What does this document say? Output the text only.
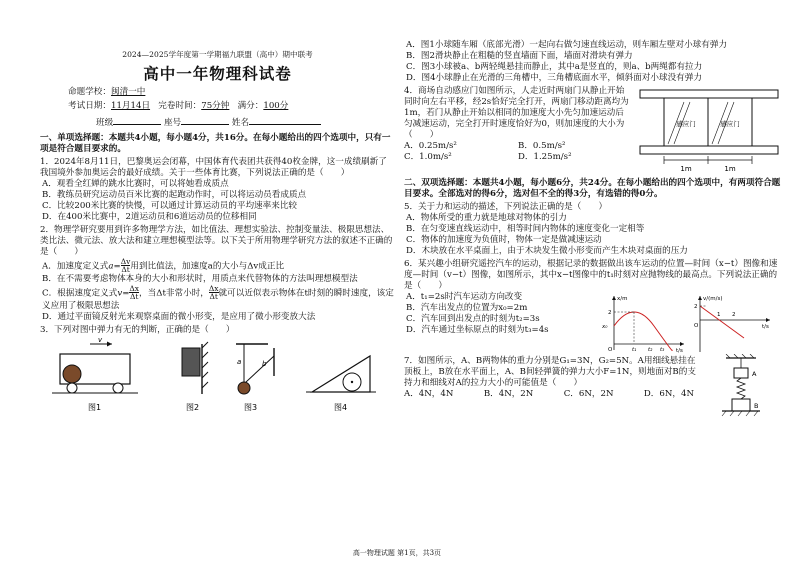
2024—2025学年度第一学期福九联盟（高中）期中联考
高中一年物理科试卷
命题学校：闽清一中
考试日期：11月14日 完卷时间：75分钟 满分：100分
班级	座号	姓名

一、单项选择题：本题共4小题，每小题4分，共16分。在每小题给出的四个选项中，只有一项是符合题目要求的。

1．2024年8月11日，巴黎奥运会闭幕，中国体育代表团共获得40枚金牌，这一成绩刷新了我国境外参加奥运会的最好成绩。关于一些体育比赛，下列说法正确的是（　　）

A．观看全红婵的跳水比赛时，可以将她看成质点

B．教练员研究运动员百米比赛的起跑动作时，可以将运动员看成质点

C．比较200米比赛的快慢，可以通过计算运动员的平均速率来比较

D．在400米比赛中，2道运动员和6道运动员的位移相同

2．物理学研究要用到许多物理学方法，如比值法、理想实验法、控制变量法、极限思想法、类比法、微元法、放大法和建立理想模型法等。以下关于所用物理学研究方法的叙述不正确的是（　　）

A．加速度定义式$a= \frac{\Delta v}{\Delta t}$ 用到比值法，加速度a的大小与Δv成正比

B．在不需要考虑物体本身的大小和形状时，用质点来代替物体的方法叫理想模型法

C．根据速度定义式$v= \frac{\Delta x}{\Delta t}$ ，当Δt非常小时， $\frac{\Delta x}{\Delta t}$ 就可以近似表示物体在t时刻的瞬时速度，该定义应用了极限思想法

D．通过平面镜反射光来观察桌面的微小形变，是应用了微小形变放大法

3．下列对图中弹力有无的判断，正确的是（　　）

v
a	b
图1	图2	图3	图4

A．图1小球随车厢（底部光滑）一起向右做匀速直线运动，则车厢左壁对小球有弹力

B．图2滑块静止在粗糙的竖直墙面下面，墙面对滑块有弹力

C．图3小球被a、b两轻绳悬挂而静止，其中a是竖直的，则a、b两绳都有拉力

D．图4小球静止在光滑的三角槽中，三角槽底面水平，倾斜面对小球没有弹力

4．商场自动感应门如图所示，人走近时两扇门从静止开始同时向左右平移，经2s恰好完全打开，两扇门移动距离均为1m，若门从静止开始以相同的加速度大小先匀加速运动后匀减速运动，完全打开时速度恰好为0，则加速度的大小为（　　）

A．0.25m/s²	B．0.5m/s²
C．1.0m/s²	D．1.25m/s²
感应门	感应门
1m	1m

二、双项选择题：本题共4小题，每小题6分，共24分。在每小题给出的四个选项中，有两项符合题目要求。全部选对的得6分，选对但不全的得3分，有选错的得0分。

5．关于力和运动的描述，下列说法正确的是（　　）

A．物体所受的重力就是地球对物体的引力

B．在匀变速直线运动中，相等时间内物体的速度变化一定相等

C．物体的加速度为负值时，物体一定是做减速运动

D．木块放在水平桌面上，由于木块发生微小形变而产生木块对桌面的压力

6．某兴趣小组研究遥控汽车的运动，根据记录的数据做出该车运动的位置—时间（x−t）图像和速度—时间（v−t）图像，如图所示，其中x−t图像中的t₁时刻对应抛物线的最高点。下列说法正确的是（　　）

A．t₁=2s时汽车运动方向改变

B．汽车出发点的位置为x₀=2m

C．汽车回到出发点的时刻为t₂=3s

D．汽车通过坐标原点的时刻为t₃=4s

x/m
t/s
2
x₀
O	t₁ t₂ t₃
v/(m/s)
t/s
2
O
1 2

7．如图所示，A、B两物体的重力分别是G₁=3N，G₂=5N。A用细线悬挂在顶板上，B放在水平面上，A、B间轻弹簧的弹力大小F=1N，则地面对B的支持力和细线对A的拉力大小的可能值是（　　）

A．4N，4N	B．4N，2N	C．6N，2N	D．6N，4N
A
B
高一物理试题 第1页，共3页
